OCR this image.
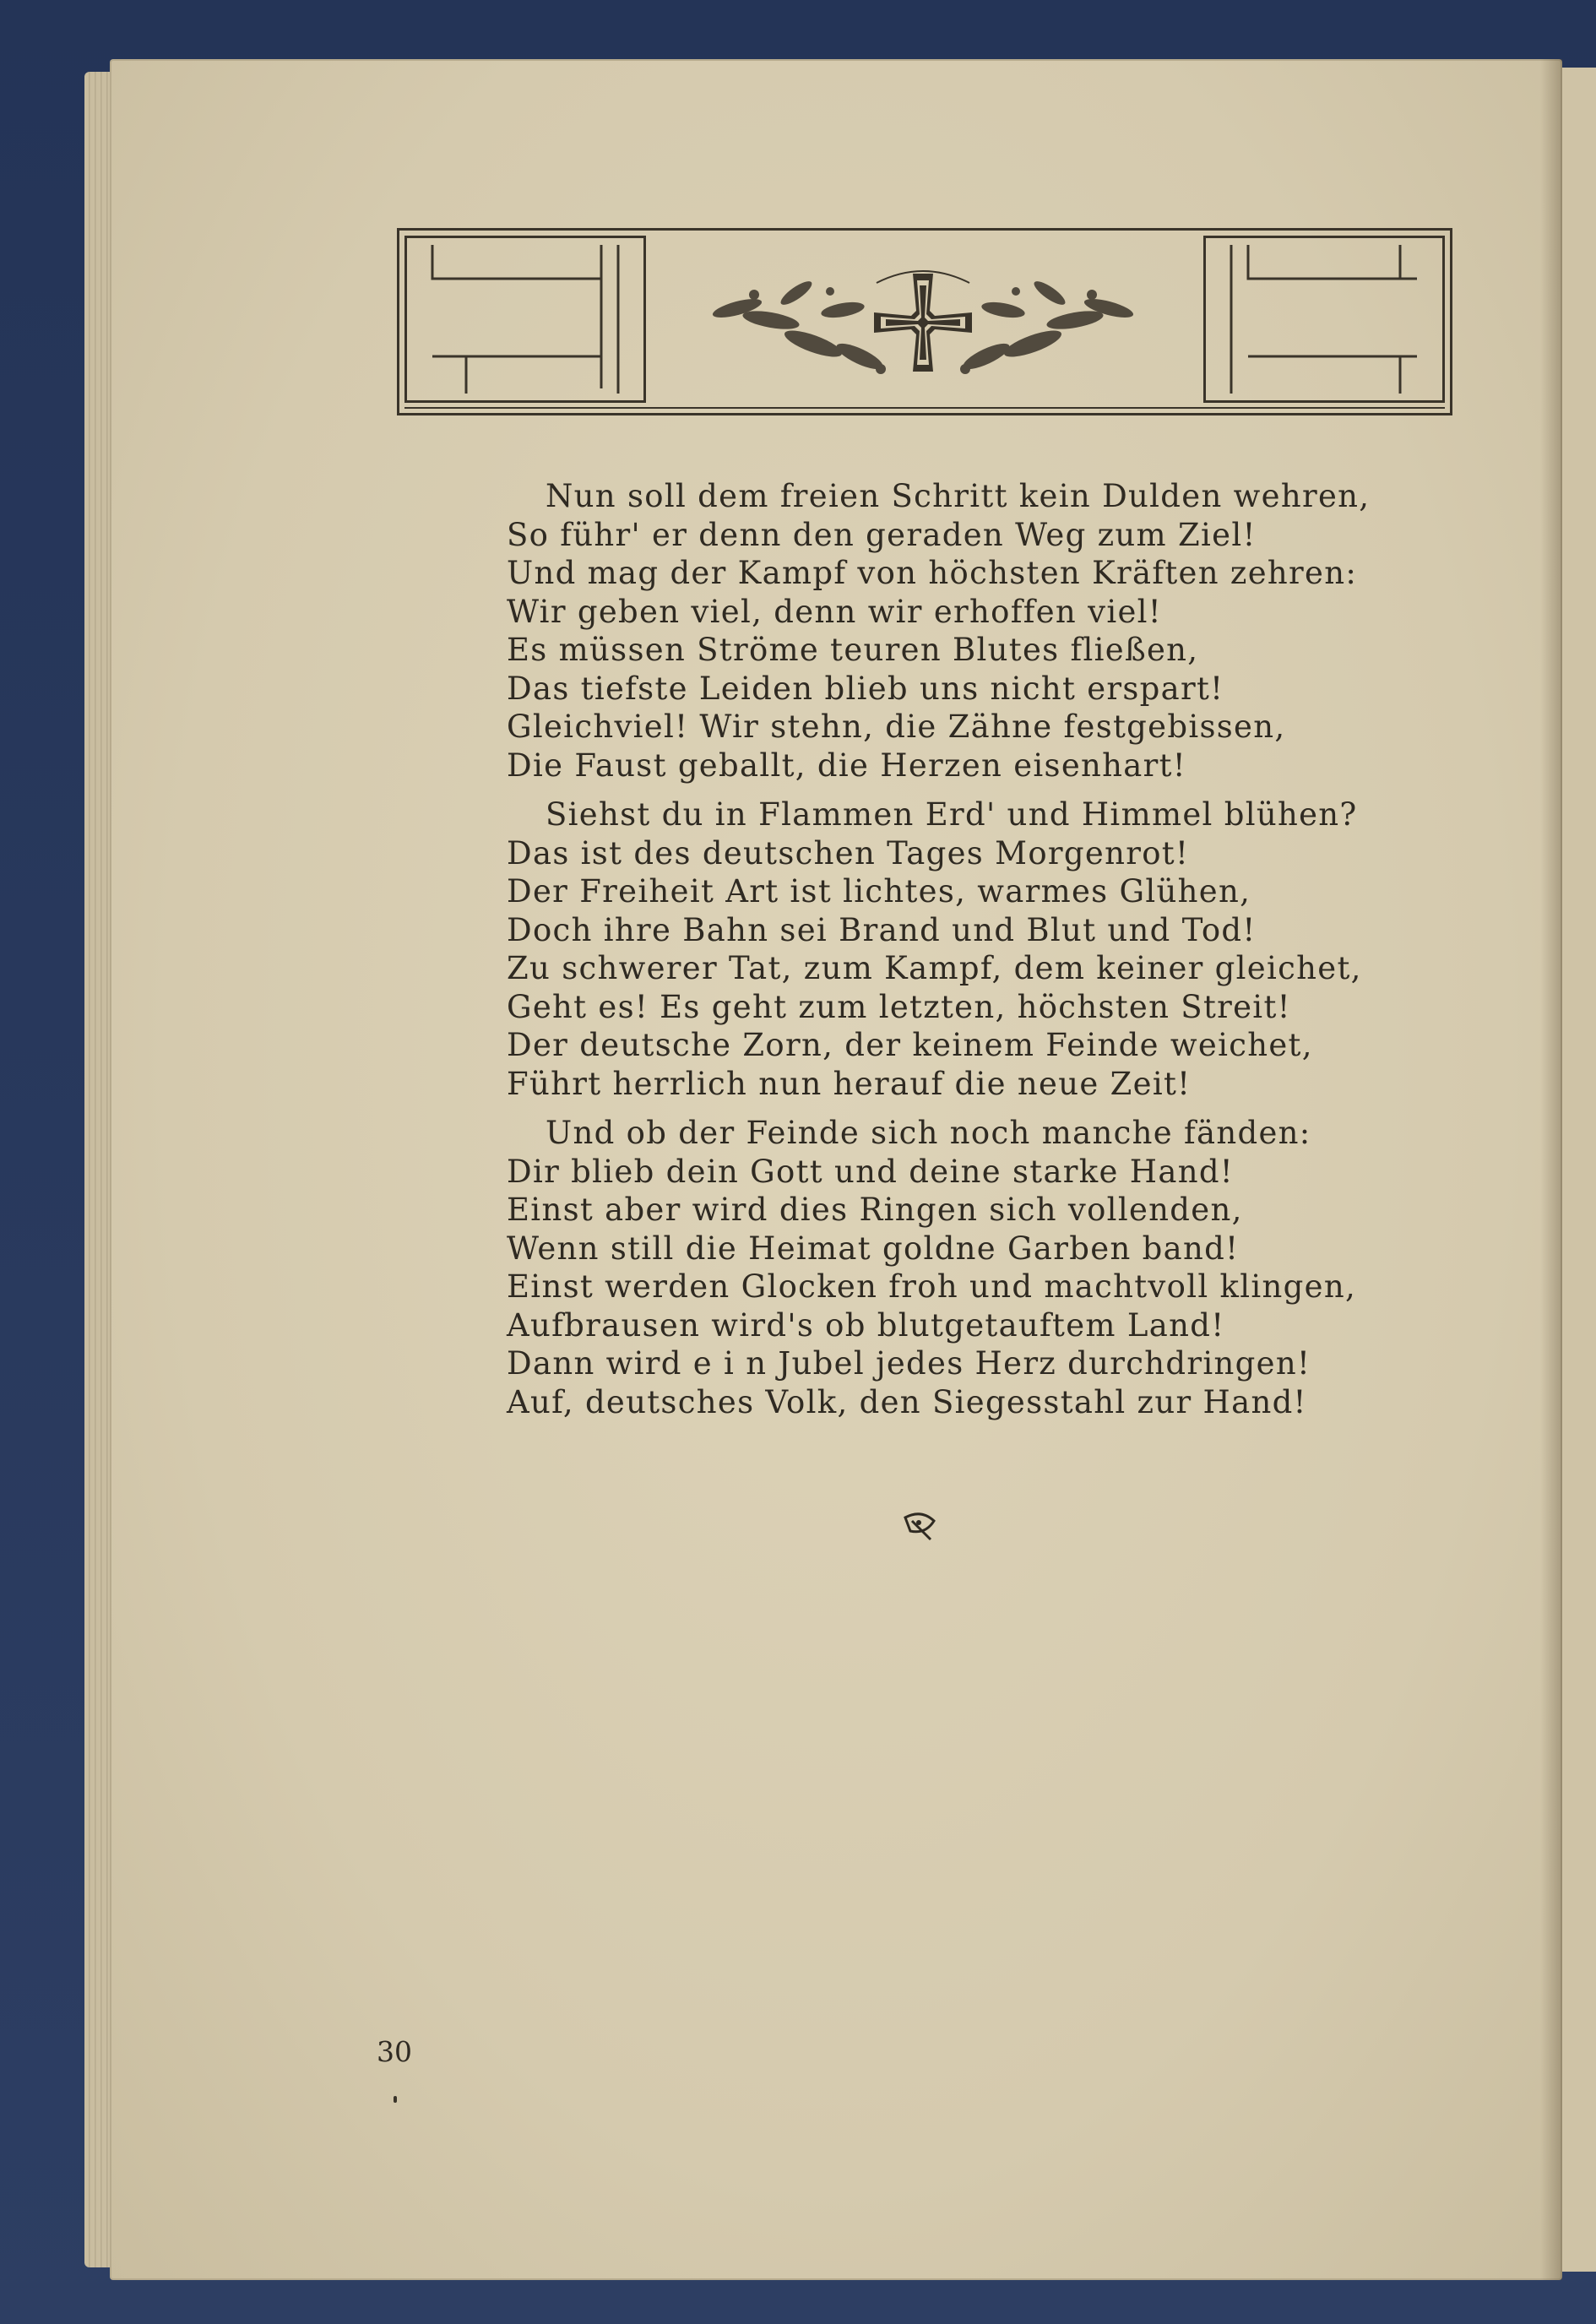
Nun soll dem freien Schritt kein Dulden wehren,
So führ' er denn den geraden Weg zum Ziel!
Und mag der Kampf von höchsten Kräften zehren:
Wir geben viel, denn wir erhoffen viel!
Es müssen Ströme teuren Blutes fließen,
Das tiefste Leiden blieb uns nicht erspart!
Gleichviel! Wir stehn, die Zähne festgebissen,
Die Faust geballt, die Herzen eisenhart!
Siehst du in Flammen Erd' und Himmel blühen?
Das ist des deutschen Tages Morgenrot!
Der Freiheit Art ist lichtes, warmes Glühen,
Doch ihre Bahn sei Brand und Blut und Tod!
Zu schwerer Tat, zum Kampf, dem keiner gleichet,
Geht es! Es geht zum letzten, höchsten Streit!
Der deutsche Zorn, der keinem Feinde weichet,
Führt herrlich nun herauf die neue Zeit!
Und ob der Feinde sich noch manche fänden:
Dir blieb dein Gott und deine starke Hand!
Einst aber wird dies Ringen sich vollenden,
Wenn still die Heimat goldne Garben band!
Einst werden Glocken froh und machtvoll klingen,
Aufbrausen wird's ob blutgetauftem Land!
Dann wird e i n Jubel jedes Herz durchdringen!
Auf, deutsches Volk, den Siegesstahl zur Hand!
30
